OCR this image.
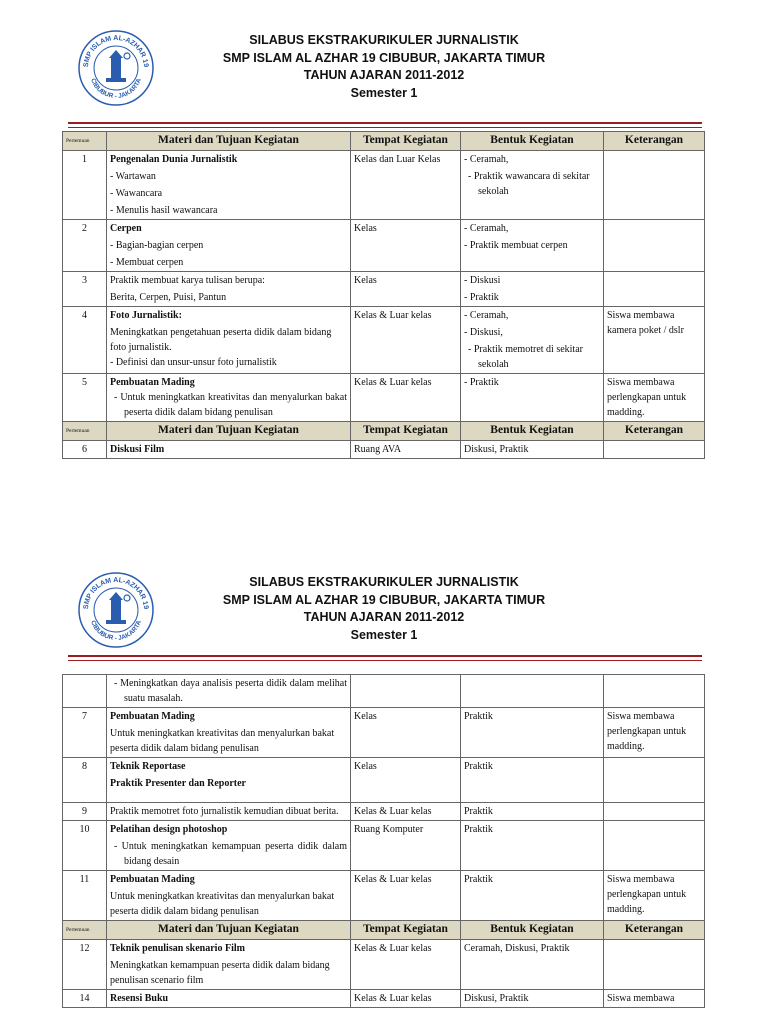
SMP ISLAM AL-AZHAR 19
CIBUBUR - JAKARTA
SILABUS EKSTRAKURIKULER JURNALISTIK
SMP ISLAM AL AZHAR 19 CIBUBUR, JAKARTA TIMUR
TAHUN AJARAN 2011-2012
Semester 1
Pertemuan	Materi dan Tujuan Kegiatan	Tempat Kegiatan	Bentuk Kegiatan	Keterangan
1	Pengenalan Dunia Jurnalistik
- Wartawan
- Wawancara
- Menulis hasil wawancara	Kelas dan Luar Kelas	- Ceramah,
- Praktik wawancara di sekitar sekolah	

2	Cerpen
- Bagian-bagian cerpen
- Membuat cerpen	Kelas	- Ceramah,
- Praktik membuat cerpen	

3	Praktik membuat karya tulisan berupa:
Berita, Cerpen, Puisi, Pantun	Kelas	- Diskusi
- Praktik	

4	Foto Jurnalistik:
Meningkatkan pengetahuan peserta didik dalam bidang foto jurnalistik.
- Definisi dan unsur-unsur foto jurnalistik	Kelas & Luar kelas	- Ceramah,
- Diskusi,
- Praktik memotret di sekitar sekolah	Siswa membawa kamera poket / dslr
5	Pembuatan Mading
- Untuk meningkatkan kreativitas dan menyalurkan bakat peserta didik dalam bidang penulisan	Kelas & Luar kelas	- Praktik	Siswa membawa perlengkapan untuk madding.
Pertemuan	Materi dan Tujuan Kegiatan	Tempat Kegiatan	Bentuk Kegiatan	Keterangan
6	Diskusi Film	Ruang AVA	Diskusi, Praktik	
SMP ISLAM AL-AZHAR 19
CIBUBUR - JAKARTA
SILABUS EKSTRAKURIKULER JURNALISTIK
SMP ISLAM AL AZHAR 19 CIBUBUR, JAKARTA TIMUR
TAHUN AJARAN 2011-2012
Semester 1

	- Meningkatkan daya analisis peserta didik dalam melihat suatu masalah.			

7	Pembuatan Mading
Untuk meningkatkan kreativitas dan menyalurkan bakat peserta didik dalam bidang penulisan	Kelas	Praktik	Siswa membawa perlengkapan untuk madding.
8	Teknik Reportase
Praktik Presenter dan Reporter	Kelas	Praktik	
9	Praktik memotret foto jurnalistik kemudian dibuat berita.	Kelas & Luar kelas	Praktik	
10	Pelatihan design photoshop
- Untuk meningkatkan kemampuan peserta didik dalam bidang desain	Ruang Komputer	Praktik	
11	Pembuatan Mading
Untuk meningkatkan kreativitas dan menyalurkan bakat peserta didik dalam bidang penulisan	Kelas & Luar kelas	Praktik	Siswa membawa perlengkapan untuk madding.
Pertemuan	Materi dan Tujuan Kegiatan	Tempat Kegiatan	Bentuk Kegiatan	Keterangan
12	Teknik penulisan skenario Film
Meningkatkan kemampuan peserta didik dalam bidang penulisan scenario film	Kelas & Luar kelas	Ceramah, Diskusi, Praktik	
14	Resensi Buku	Kelas & Luar kelas	Diskusi, Praktik	Siswa membawa
